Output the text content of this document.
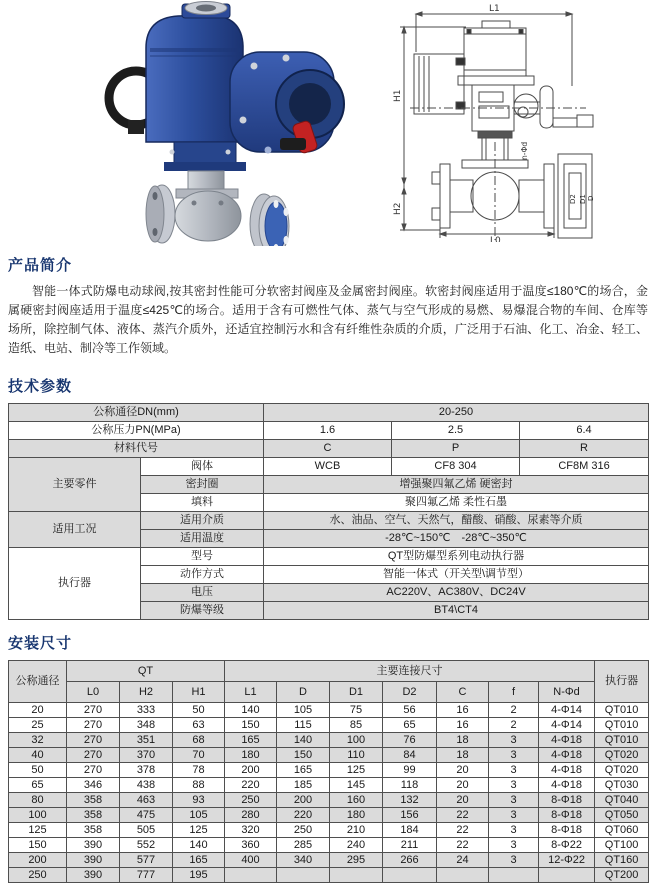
L1
H1
H2
L0
n-Φd
D2 D1 D
产品简介

智能一体式防爆电动球阀,按其密封性能可分软密封阀座及金属密封阀座。软密封阀座适用于温度≤180℃的场合，金属硬密封阀座适用于温度≤425℃的场合。适用于含有可燃性气体、蒸气与空气形成的易燃、易爆混合物的车间、仓库等场所，除控制气体、液体、蒸汽介质外，还适宜控制污水和含有纤维性杂质的介质，广泛用于石油、化工、冶金、轻工、造纸、电站、制冷等工作领域。

技术参数
公称通径DN(mm)		20-250		
公称压力PN(MPa)		1.6	2.5	6.4
材料代号		C	P	R
主要零件	阀体	WCB	CF8 304	CF8M 316
	密封圈	增强聚四氟乙烯 硬密封		
	填料	聚四氟乙烯 柔性石墨		
适用工况	适用介质	水、油品、空气、天然气，醋酸、硝酸、尿素等介质		
	适用温度	-28℃~150℃　-28℃~350℃		
执行器	型号	QT型防爆型系列电动执行器		
	动作方式	智能一体式（开关型\调节型）		
	电压	AC220V、AC380V、DC24V		
	防爆等级	BT4\CT4		
安装尺寸
公称通径	QT			主要连接尺寸							执行器
	L0	H2	H1	L1	D	D1	D2	C	f	N-Φd	
20	270	333	50	140	105	75	56	16	2	4-Φ14	QT010
25	270	348	63	150	115	85	65	16	2	4-Φ14	QT010
32	270	351	68	165	140	100	76	18	3	4-Φ18	QT010
40	270	370	70	180	150	110	84	18	3	4-Φ18	QT020
50	270	378	78	200	165	125	99	20	3	4-Φ18	QT020
65	346	438	88	220	185	145	118	20	3	4-Φ18	QT030
80	358	463	93	250	200	160	132	20	3	8-Φ18	QT040
100	358	475	105	280	220	180	156	22	3	8-Φ18	QT050
125	358	505	125	320	250	210	184	22	3	8-Φ18	QT060
150	390	552	140	360	285	240	211	22	3	8-Φ22	QT100
200	390	577	165	400	340	295	266	24	3	12-Φ22	QT160
250	390	777	195								QT200
